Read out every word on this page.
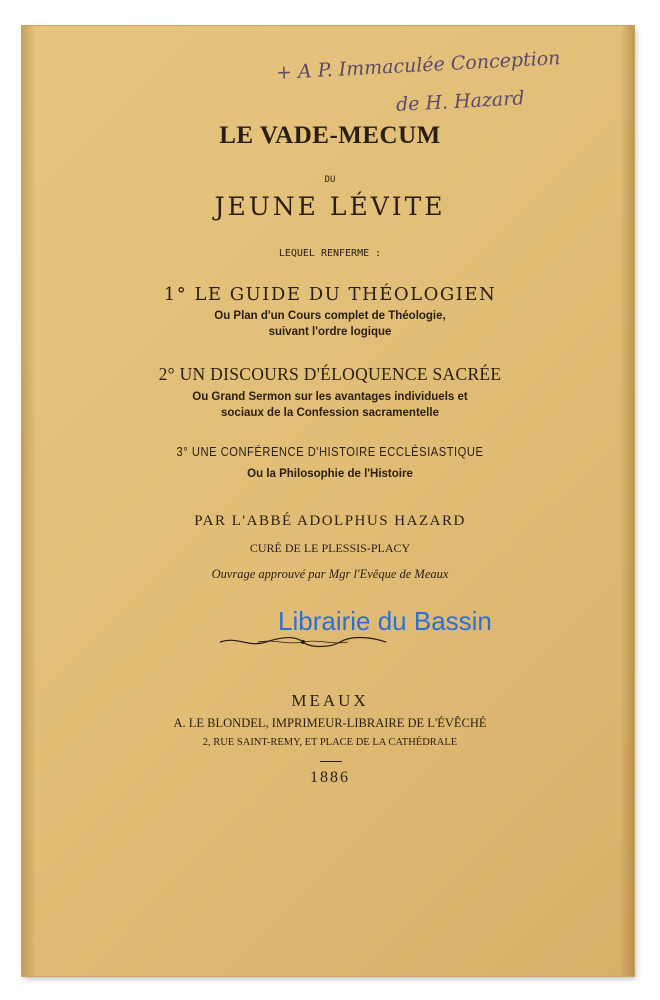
+ A P. Immaculée Conception
de H. Hazard
LE VADE-MECUM
DU
JEUNE LÉVITE
LEQUEL RENFERME :
1° LE GUIDE DU THÉOLOGIEN
Ou Plan d'un Cours complet de Théologie,
suivant l'ordre logique
2° UN DISCOURS D'ÉLOQUENCE SACRÉE
Ou Grand Sermon sur les avantages individuels et
sociaux de la Confession sacramentelle
3° UNE CONFÉRENCE D'HISTOIRE ECCLÉSIASTIQUE
Ou la Philosophie de l'Histoire
PAR L'ABBÉ ADOLPHUS HAZARD
CURÉ DE LE PLESSIS-PLACY
Ouvrage approuvé par Mgr l'Evêque de Meaux
Librairie du Bassin
MEAUX
A. LE BLONDEL, IMPRIMEUR-LIBRAIRE DE L'ÉVÊCHÉ
2, RUE SAINT-REMY, ET PLACE DE LA CATHÉDRALE
1886
